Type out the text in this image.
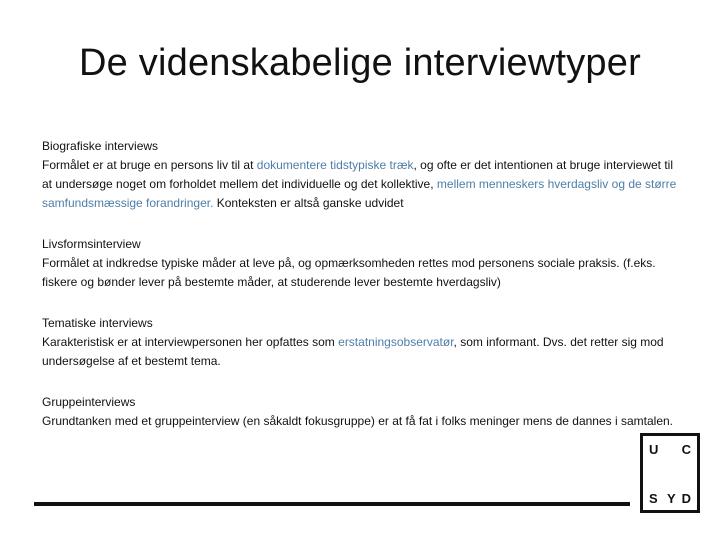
De videnskabelige interviewtyper
Biografiske interviews
Formålet er at bruge en persons liv til at dokumentere tidstypiske træk, og ofte er det intentionen at bruge interviewet til at undersøge noget om forholdet mellem det individuelle og det kollektive, mellem menneskers hverdagsliv og de større samfundsmæssige forandringer. Konteksten er altså ganske udvidet
Livsformsinterview
Formålet at indkredse typiske måder at leve på, og opmærksomheden rettes mod personens sociale praksis. (f.eks. fiskere og bønder lever på bestemte måder, at studerende lever bestemte hverdagsliv)
Tematiske interviews
Karakteristisk er at interviewpersonen her opfattes som erstatningsobservatør, som informant. Dvs. det retter sig mod undersøgelse af et bestemt tema.
Gruppeinterviews
Grundtanken med et gruppeinterview (en såkaldt fokusgruppe) er at få fat i folks meninger mens de dannes i samtalen.
U C
S Y D
